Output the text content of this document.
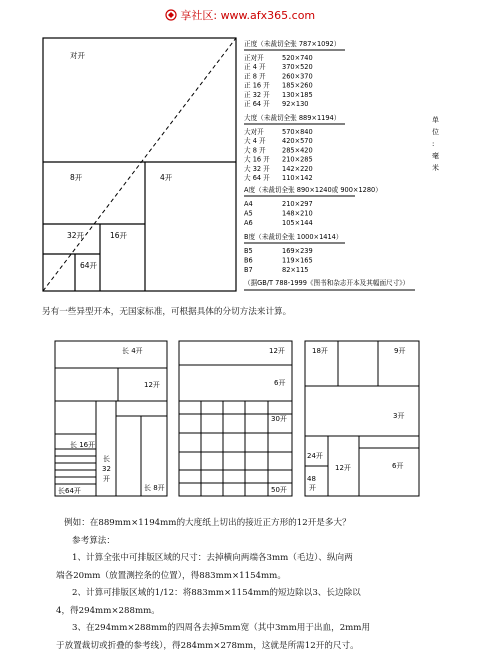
享社区: www.afx365.com
对开
8开	4开
32开	16开
64开
正度（未裁切全张 787×1092）
正对开	520×740
正 4 开 370×520
正 8 开 260×370
正 16 开 185×260
正 32 开 130×185
正 64 开 92×130
大度（未裁切全张 889×1194）
大对开	570×840
大 4 开 420×570
大 8 开 285×420
大 16 开 210×285
大 32 开 142×220
大 64 开 110×142
A度（未裁切全张 890×1240或 900×1280）
A4	210×297
A5	148×210
A6	105×144
B度（未裁切全张 1000×1414）
B5	169×239
B6	119×165
B7	82×115
（据GB/T 788-1999《图书和杂志开本及其幅面尺寸》）
单
位
:
毫
米
另有一些异型开本，无国家标准，可根据具体的分切方法来计算。
长 4开
12开
长 16开
长
32
开
长64开	长 8开
12开
6开
30开
50开
18开	9开
3开
24开
12开	6开
48
开
例如：在889mm×1194mm的大度纸上切出的接近正方形的12开是多大？
参考算法：
1、计算全张中可排版区域的尺寸：去掉横向两端各3mm（毛边）、纵向两
端各20mm（放置测控条的位置），得883mm×1154mm。
2、计算可排版区域的1/12：将883mm×1154mm的短边除以3、长边除以
4，得294mm×288mm。
3、在294mm×288mm的四周各去掉5mm宽（其中3mm用于出血，2mm用
于放置裁切或折叠的参考线），得284mm×278mm，这就是所需12开的尺寸。
